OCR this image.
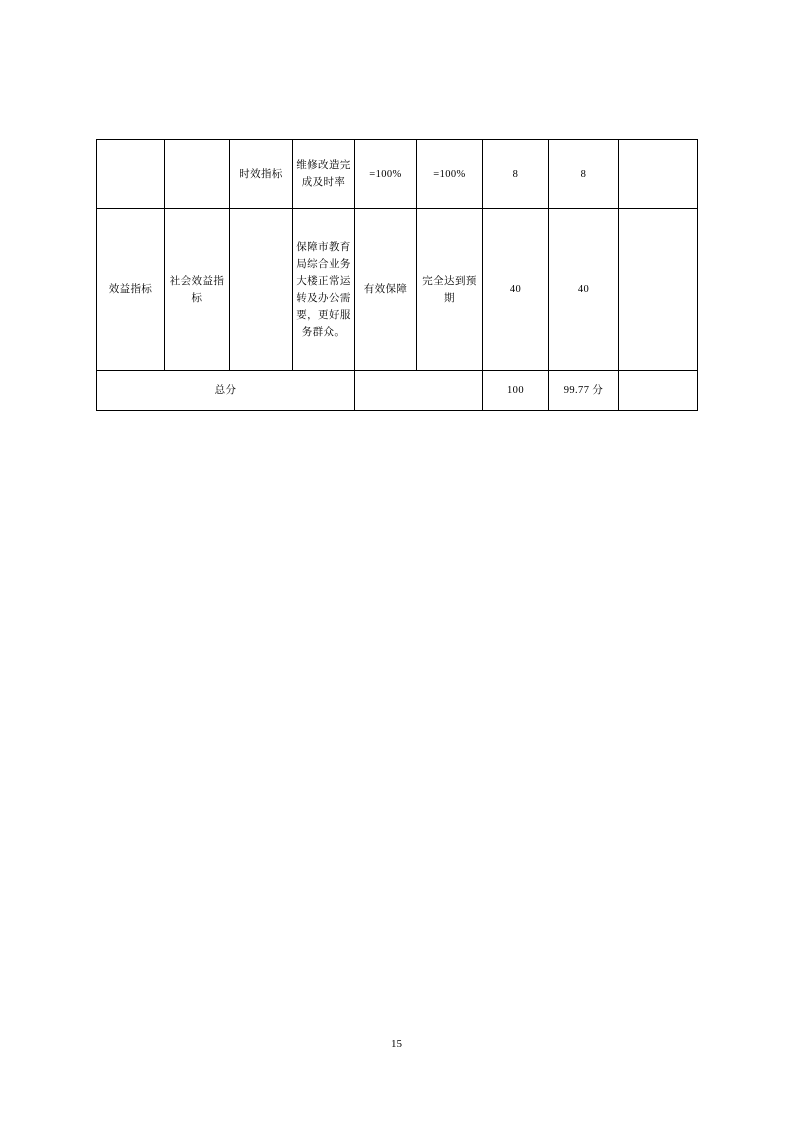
		时效指标	维修改造完成及时率	=100%	=100%	8	8	
效益指标	社会效益指标		保障市教育局综合业务大楼正常运转及办公需要，更好服务群众。	有效保障	完全达到预期	40	40	
总分						100	99.77 分	
15
